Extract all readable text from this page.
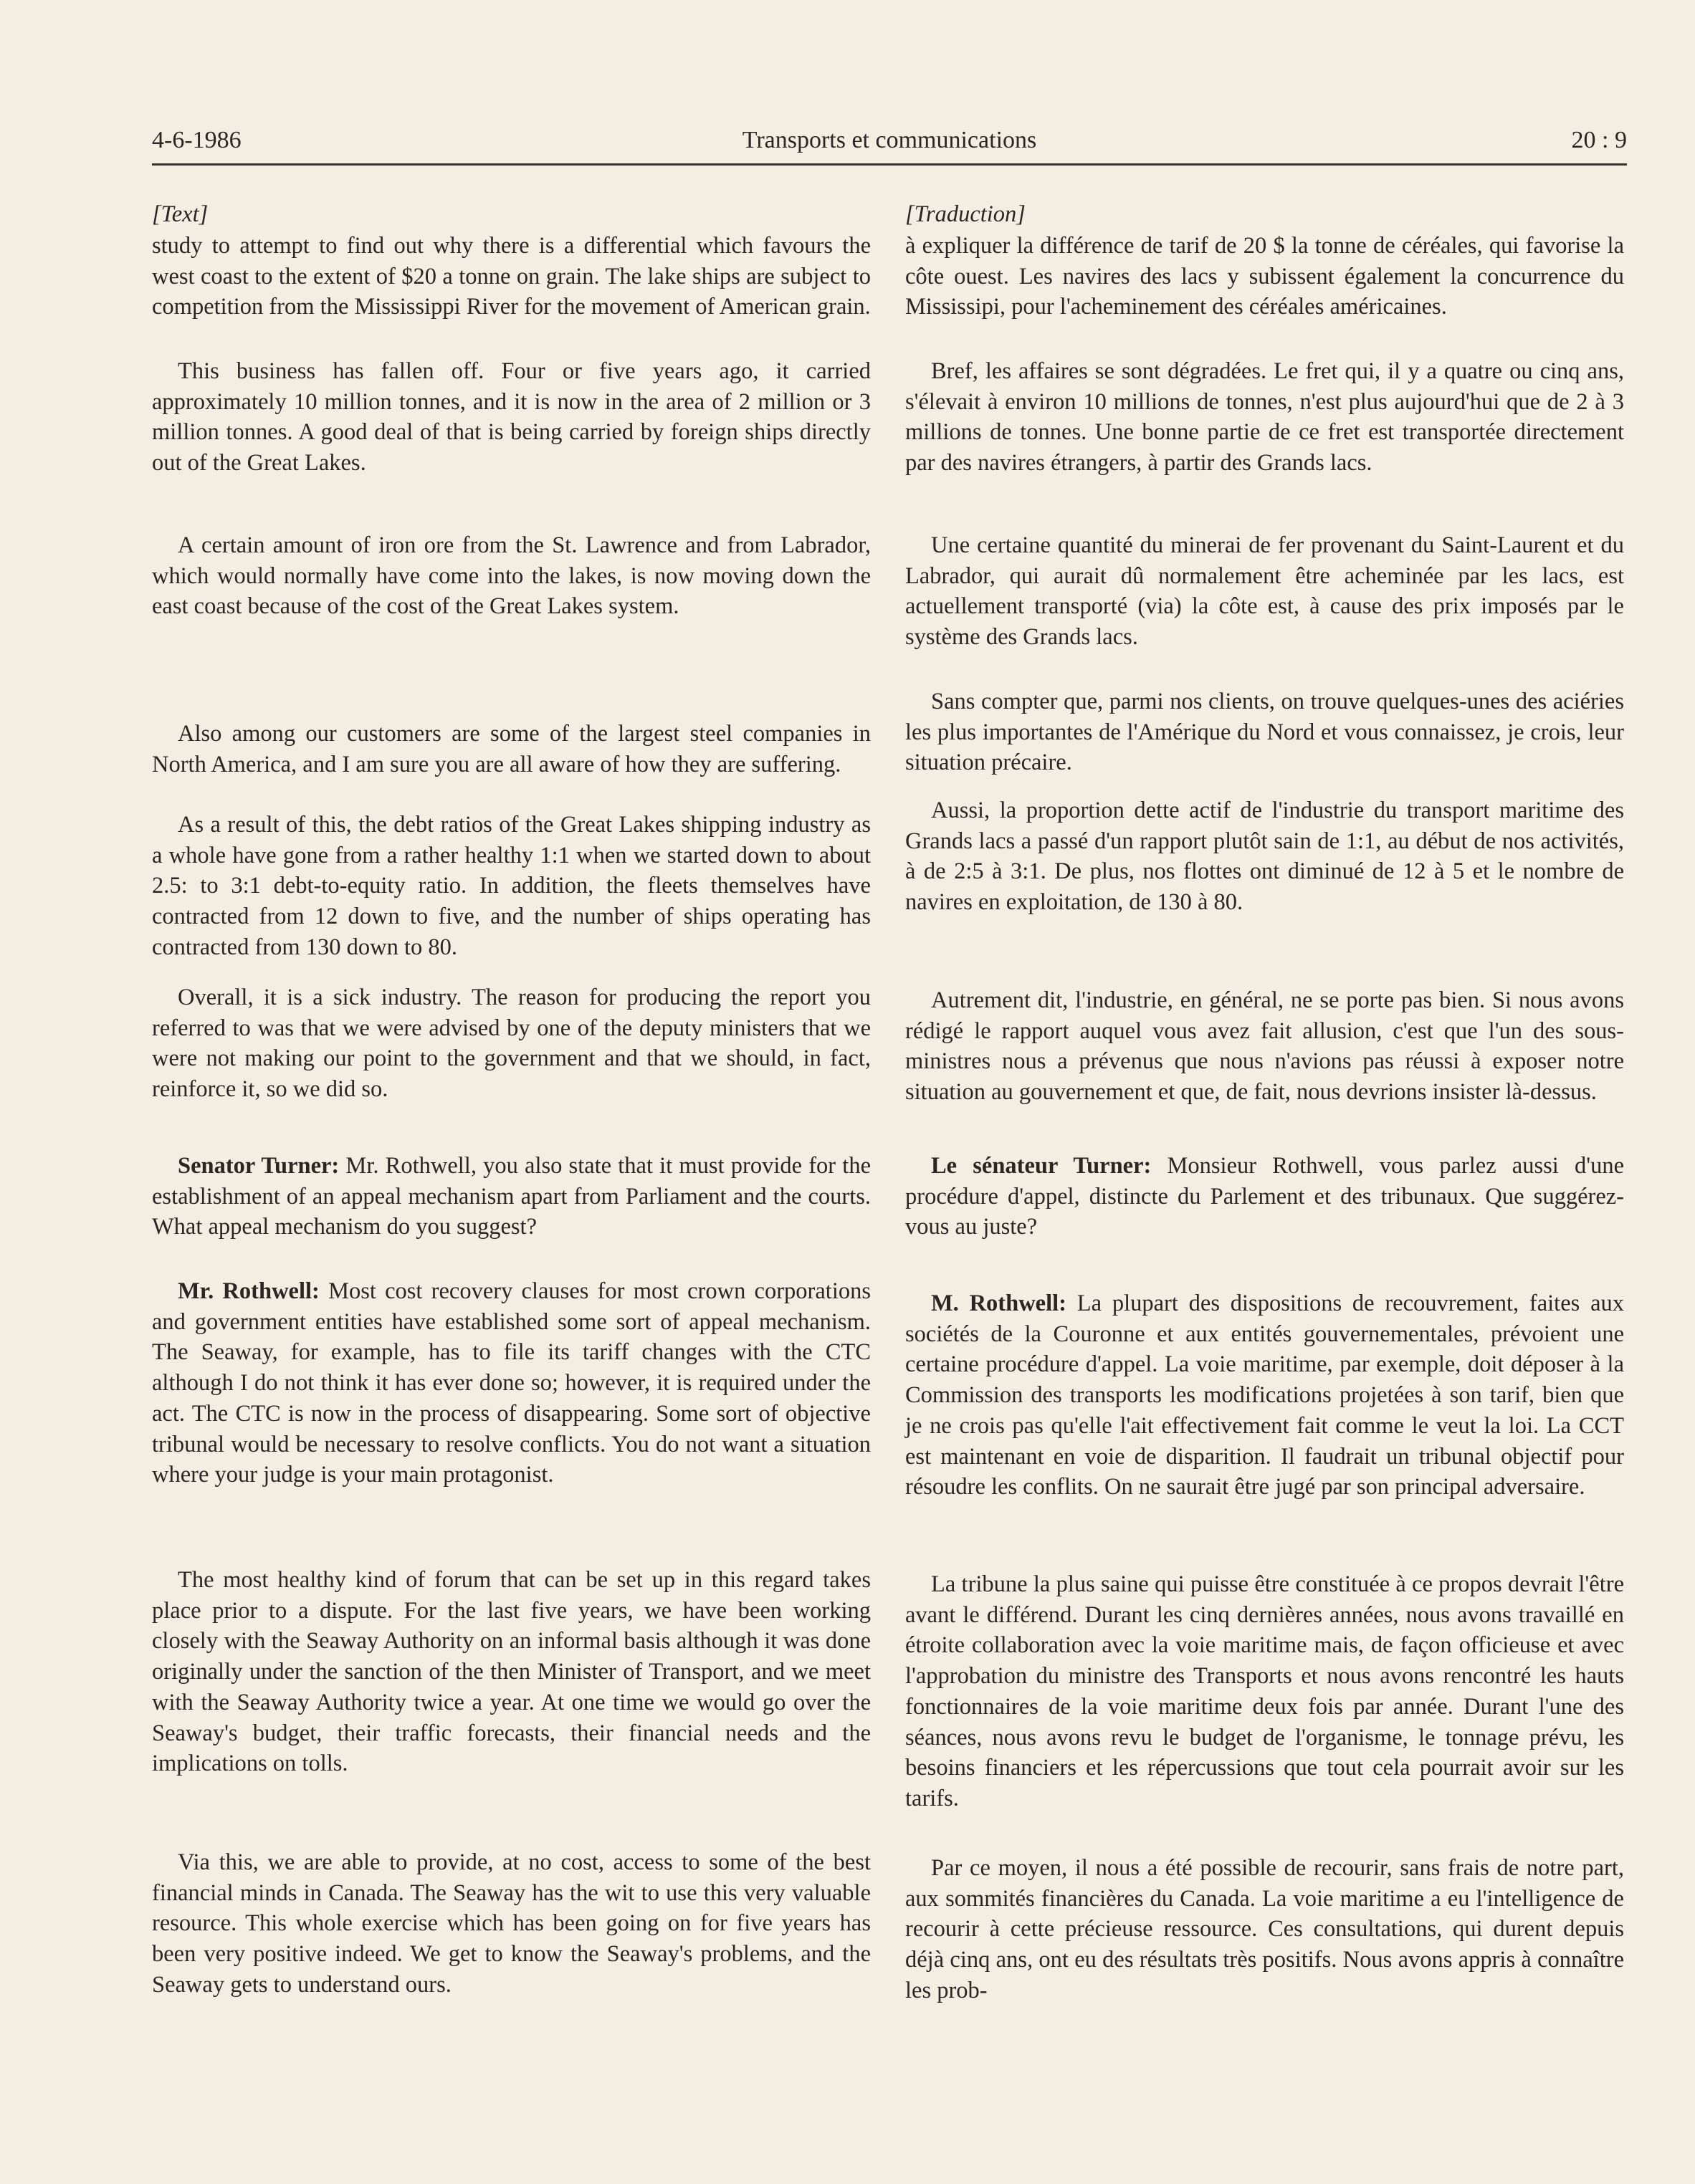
4-6-1986	Transports et communications	20 : 9
[Text]

study to attempt to find out why there is a differential which favours the west coast to the extent of $20 a tonne on grain. The lake ships are subject to competition from the Mississippi River for the movement of American grain.

This business has fallen off. Four or five years ago, it carried approximately 10 million tonnes, and it is now in the area of 2 million or 3 million tonnes. A good deal of that is being carried by foreign ships directly out of the Great Lakes.

A certain amount of iron ore from the St. Lawrence and from Labrador, which would normally have come into the lakes, is now moving down the east coast because of the cost of the Great Lakes system.

Also among our customers are some of the largest steel companies in North America, and I am sure you are all aware of how they are suffering.

As a result of this, the debt ratios of the Great Lakes shipping industry as a whole have gone from a rather healthy 1:1 when we started down to about 2.5: to 3:1 debt-to-equity ratio. In addition, the fleets themselves have contracted from 12 down to five, and the number of ships operating has contracted from 130 down to 80.

Overall, it is a sick industry. The reason for producing the report you referred to was that we were advised by one of the deputy ministers that we were not making our point to the government and that we should, in fact, reinforce it, so we did so.

Senator Turner: Mr. Rothwell, you also state that it must provide for the establishment of an appeal mechanism apart from Parliament and the courts. What appeal mechanism do you suggest?

Mr. Rothwell: Most cost recovery clauses for most crown corporations and government entities have established some sort of appeal mechanism. The Seaway, for example, has to file its tariff changes with the CTC although I do not think it has ever done so; however, it is required under the act. The CTC is now in the process of disappearing. Some sort of objective tribunal would be necessary to resolve conflicts. You do not want a situation where your judge is your main protagonist.

The most healthy kind of forum that can be set up in this regard takes place prior to a dispute. For the last five years, we have been working closely with the Seaway Authority on an informal basis although it was done originally under the sanction of the then Minister of Transport, and we meet with the Seaway Authority twice a year. At one time we would go over the Seaway's budget, their traffic forecasts, their financial needs and the implications on tolls.

Via this, we are able to provide, at no cost, access to some of the best financial minds in Canada. The Seaway has the wit to use this very valuable resource. This whole exercise which has been going on for five years has been very positive indeed. We get to know the Seaway's problems, and the Seaway gets to understand ours.

[Traduction]

à expliquer la différence de tarif de 20 $ la tonne de céréales, qui favorise la côte ouest. Les navires des lacs y subissent également la concurrence du Mississipi, pour l'acheminement des céréales américaines.

Bref, les affaires se sont dégradées. Le fret qui, il y a quatre ou cinq ans, s'élevait à environ 10 millions de tonnes, n'est plus aujourd'hui que de 2 à 3 millions de tonnes. Une bonne partie de ce fret est transportée directement par des navires étrangers, à partir des Grands lacs.

Une certaine quantité du minerai de fer provenant du Saint-Laurent et du Labrador, qui aurait dû normalement être acheminée par les lacs, est actuellement transporté (via) la côte est, à cause des prix imposés par le système des Grands lacs.

Sans compter que, parmi nos clients, on trouve quelques-unes des aciéries les plus importantes de l'Amérique du Nord et vous connaissez, je crois, leur situation précaire.

Aussi, la proportion dette actif de l'industrie du transport maritime des Grands lacs a passé d'un rapport plutôt sain de 1:1, au début de nos activités, à de 2:5 à 3:1. De plus, nos flottes ont diminué de 12 à 5 et le nombre de navires en exploitation, de 130 à 80.

Autrement dit, l'industrie, en général, ne se porte pas bien. Si nous avons rédigé le rapport auquel vous avez fait allusion, c'est que l'un des sous-ministres nous a prévenus que nous n'avions pas réussi à exposer notre situation au gouvernement et que, de fait, nous devrions insister là-dessus.

Le sénateur Turner: Monsieur Rothwell, vous parlez aussi d'une procédure d'appel, distincte du Parlement et des tribunaux. Que suggérez-vous au juste?

M. Rothwell: La plupart des dispositions de recouvrement, faites aux sociétés de la Couronne et aux entités gouvernementales, prévoient une certaine procédure d'appel. La voie maritime, par exemple, doit déposer à la Commission des transports les modifications projetées à son tarif, bien que je ne crois pas qu'elle l'ait effectivement fait comme le veut la loi. La CCT est maintenant en voie de disparition. Il faudrait un tribunal objectif pour résoudre les conflits. On ne saurait être jugé par son principal adversaire.

La tribune la plus saine qui puisse être constituée à ce propos devrait l'être avant le différend. Durant les cinq dernières années, nous avons travaillé en étroite collaboration avec la voie maritime mais, de façon officieuse et avec l'approbation du ministre des Transports et nous avons rencontré les hauts fonctionnaires de la voie maritime deux fois par année. Durant l'une des séances, nous avons revu le budget de l'organisme, le tonnage prévu, les besoins financiers et les répercussions que tout cela pourrait avoir sur les tarifs.

Par ce moyen, il nous a été possible de recourir, sans frais de notre part, aux sommités financières du Canada. La voie maritime a eu l'intelligence de recourir à cette précieuse ressource. Ces consultations, qui durent depuis déjà cinq ans, ont eu des résultats très positifs. Nous avons appris à connaître les prob-
